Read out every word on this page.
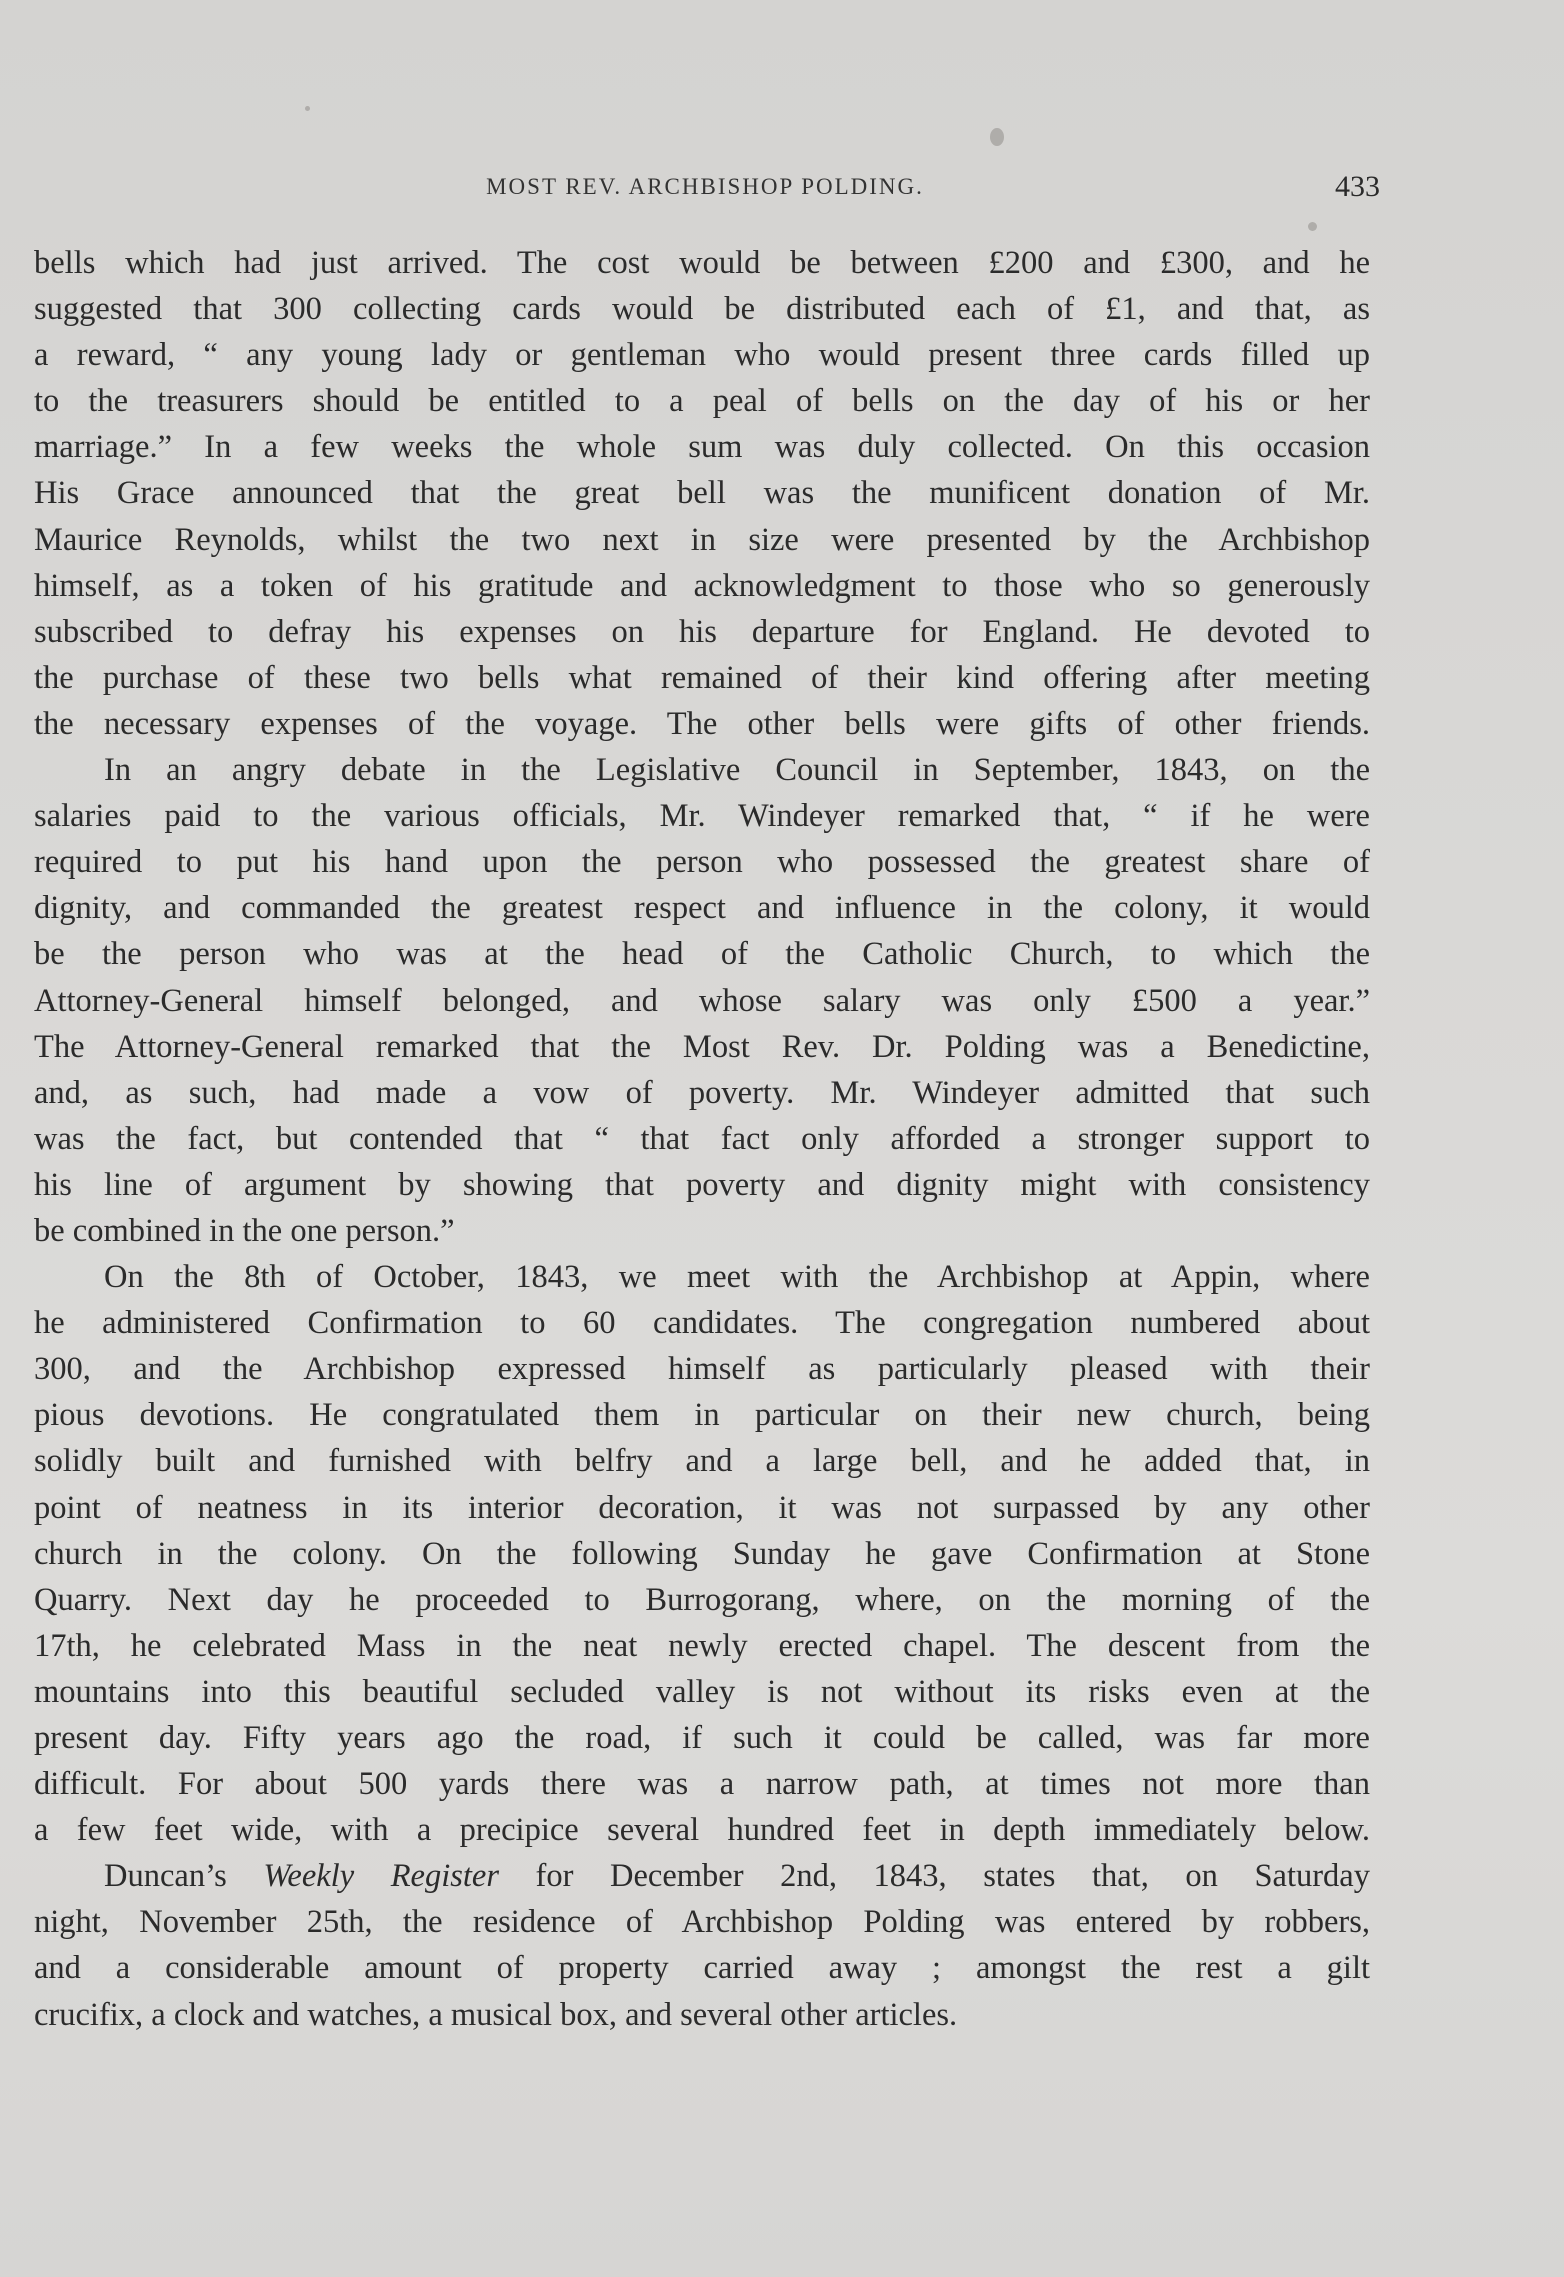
MOST REV. ARCHBISHOP POLDING.	433

bells which had just arrived. The cost would be between £200 and £300, and he

suggested that 300 collecting cards would be distributed each of £1, and that, as

a reward, “ any young lady or gentleman who would present three cards filled up

to the treasurers should be entitled to a peal of bells on the day of his or her

marriage.” In a few weeks the whole sum was duly collected. On this occasion

His Grace announced that the great bell was the munificent donation of Mr.

Maurice Reynolds, whilst the two next in size were presented by the Archbishop

himself, as a token of his gratitude and acknowledgment to those who so generously

subscribed to defray his expenses on his departure for England. He devoted to

the purchase of these two bells what remained of their kind offering after meeting

the necessary expenses of the voyage. The other bells were gifts of other friends.

In an angry debate in the Legislative Council in September, 1843, on the

salaries paid to the various officials, Mr. Windeyer remarked that, “ if he were

required to put his hand upon the person who possessed the greatest share of

dignity, and commanded the greatest respect and influence in the colony, it would

be the person who was at the head of the Catholic Church, to which the

Attorney-General himself belonged, and whose salary was only £500 a year.”

The Attorney-General remarked that the Most Rev. Dr. Polding was a Benedictine,

and, as such, had made a vow of poverty. Mr. Windeyer admitted that such

was the fact, but contended that “ that fact only afforded a stronger support to

his line of argument by showing that poverty and dignity might with consistency

be combined in the one person.”

On the 8th of October, 1843, we meet with the Archbishop at Appin, where

he administered Confirmation to 60 candidates. The congregation numbered about

300, and the Archbishop expressed himself as particularly pleased with their

pious devotions. He congratulated them in particular on their new church, being

solidly built and furnished with belfry and a large bell, and he added that, in

point of neatness in its interior decoration, it was not surpassed by any other

church in the colony. On the following Sunday he gave Confirmation at Stone

Quarry. Next day he proceeded to Burrogorang, where, on the morning of the

17th, he celebrated Mass in the neat newly erected chapel. The descent from the

mountains into this beautiful secluded valley is not without its risks even at the

present day. Fifty years ago the road, if such it could be called, was far more

difficult. For about 500 yards there was a narrow path, at times not more than

a few feet wide, with a precipice several hundred feet in depth immediately below.

Duncan’s Weekly Register for December 2nd, 1843, states that, on Saturday

night, November 25th, the residence of Archbishop Polding was entered by robbers,

and a considerable amount of property carried away ; amongst the rest a gilt

crucifix, a clock and watches, a musical box, and several other articles.
